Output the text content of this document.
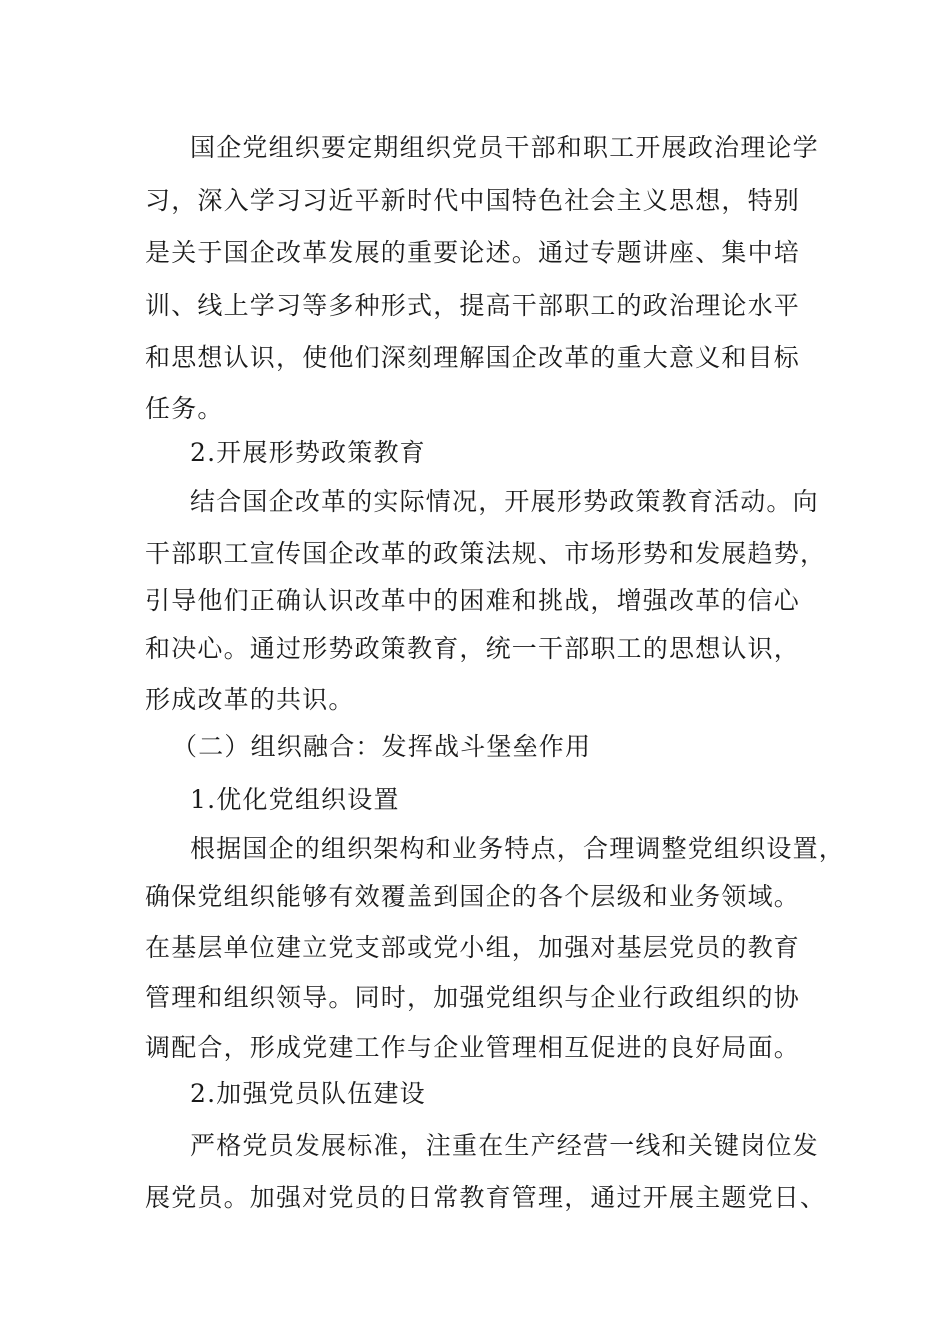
国企党组织要定期组织党员干部和职工开展政治理论学
习，深入学习习近平新时代中国特色社会主义思想，特别
是关于国企改革发展的重要论述。通过专题讲座、集中培
训、线上学习等多种形式，提高干部职工的政治理论水平
和思想认识，使他们深刻理解国企改革的重大意义和目标
任务。
2.开展形势政策教育
结合国企改革的实际情况，开展形势政策教育活动。向
干部职工宣传国企改革的政策法规、市场形势和发展趋势，
引导他们正确认识改革中的困难和挑战，增强改革的信心
和决心。通过形势政策教育，统一干部职工的思想认识，
形成改革的共识。
（二）组织融合：发挥战斗堡垒作用
1.优化党组织设置
根据国企的组织架构和业务特点，合理调整党组织设置，
确保党组织能够有效覆盖到国企的各个层级和业务领域。
在基层单位建立党支部或党小组，加强对基层党员的教育
管理和组织领导。同时，加强党组织与企业行政组织的协
调配合，形成党建工作与企业管理相互促进的良好局面。
2.加强党员队伍建设
严格党员发展标准，注重在生产经营一线和关键岗位发
展党员。加强对党员的日常教育管理，通过开展主题党日、
